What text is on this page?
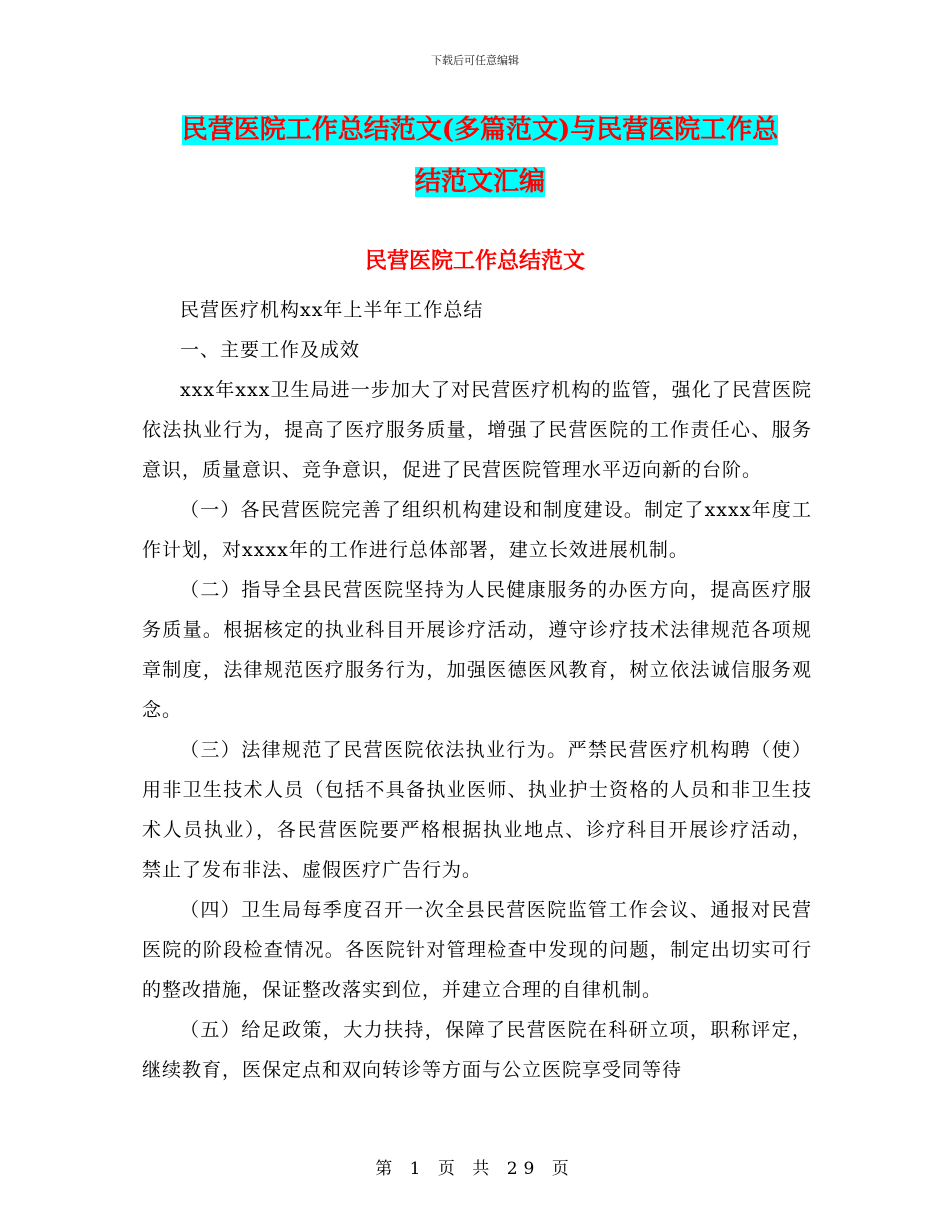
下载后可任意编辑
民营医院工作总结范文(多篇范文)与民营医院工作总
结范文汇编
民营医院工作总结范文

民营医疗机构xx年上半年工作总结

一、主要工作及成效

xxx年xxx卫生局进一步加大了对民营医疗机构的监管，强化了民营医院依法执业行为，提高了医疗服务质量，增强了民营医院的工作责任心、服务意识，质量意识、竞争意识，促进了民营医院管理水平迈向新的台阶。

（一）各民营医院完善了组织机构建设和制度建设。制定了xxxx年度工作计划，对xxxx年的工作进行总体部署，建立长效进展机制。

（二）指导全县民营医院坚持为人民健康服务的办医方向，提高医疗服务质量。根据核定的执业科目开展诊疗活动，遵守诊疗技术法律规范各项规章制度，法律规范医疗服务行为，加强医德医风教育，树立依法诚信服务观念。

（三）法律规范了民营医院依法执业行为。严禁民营医疗机构聘（使）用非卫生技术人员（包括不具备执业医师、执业护士资格的人员和非卫生技术人员执业），各民营医院要严格根据执业地点、诊疗科目开展诊疗活动，禁止了发布非法、虚假医疗广告行为。

（四）卫生局每季度召开一次全县民营医院监管工作会议、通报对民营医院的阶段检查情况。各医院针对管理检查中发现的问题，制定出切实可行的整改措施，保证整改落实到位，并建立合理的自律机制。

（五）给足政策，大力扶持，保障了民营医院在科研立项，职称评定，继续教育，医保定点和双向转诊等方面与公立医院享受同等待

第 1 页 共 29 页
